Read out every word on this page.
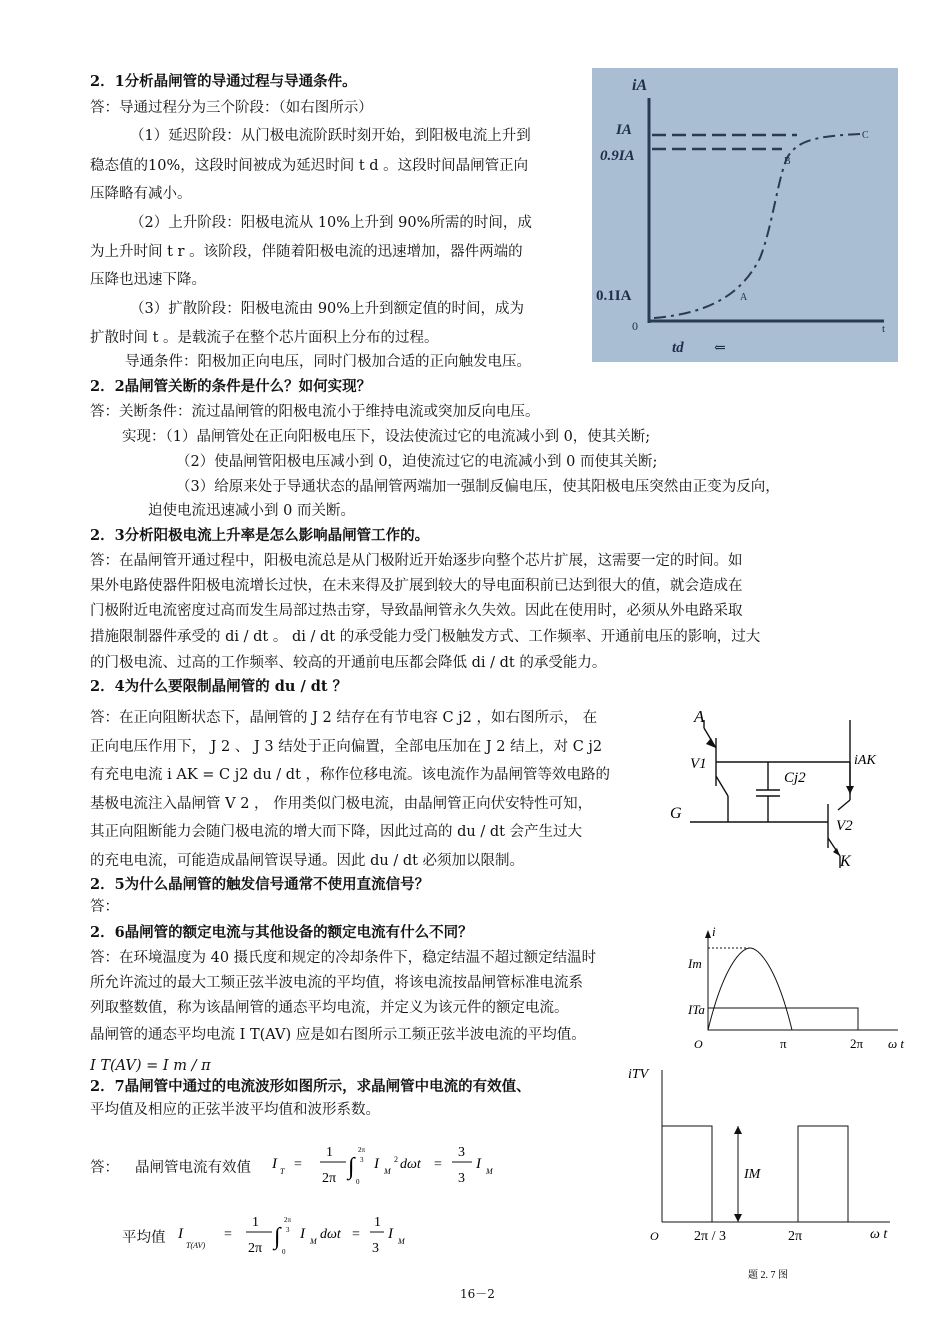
2．1分析晶闸管的导通过程与导通条件。
答：导通过程分为三个阶段：（如右图所示）
（1）延迟阶段：从门极电流阶跃时刻开始，到阳极电流上升到
稳态值的10%，这段时间被成为延迟时间 t d 。这段时间晶闸管正向
压降略有减小。
（2）上升阶段：阳极电流从 10%上升到 90%所需的时间，成
为上升时间 t r 。该阶段，伴随着阳极电流的迅速增加，器件两端的
压降也迅速下降。
（3）扩散阶段：阳极电流由 90%上升到额定值的时间，成为
扩散时间 t 。是载流子在整个芯片面积上分布的过程。
导通条件：阳极加正向电压，同时门极加合适的正向触发电压。
iA
IA
0.9IA
0.1IA
0
td
t
A
B
C
⇐
2．2晶闸管关断的条件是什么？如何实现？
答：关断条件：流过晶闸管的阳极电流小于维持电流或突加反向电压。
实现：（1）晶闸管处在正向阳极电压下，设法使流过它的电流减小到 0，使其关断;
（2）使晶闸管阳极电压减小到 0，迫使流过它的电流减小到 0 而使其关断;
（3）给原来处于导通状态的晶闸管两端加一强制反偏电压，使其阳极电压突然由正变为反向，
迫使电流迅速减小到 0 而关断。
2．3分析阳极电流上升率是怎么影响晶闸管工作的。
答：在晶闸管开通过程中，阳极电流总是从门极附近开始逐步向整个芯片扩展，这需要一定的时间。如
果外电路使器件阳极电流增长过快，在未来得及扩展到较大的导电面积前已达到很大的值，就会造成在
门极附近电流密度过高而发生局部过热击穿，导致晶闸管永久失效。因此在使用时，必须从外电路采取
措施限制器件承受的 di / dt 。 di / dt 的承受能力受门极触发方式、工作频率、开通前电压的影响，过大
的门极电流、过高的工作频率、较高的开通前电压都会降低 di / dt 的承受能力。
2．4为什么要限制晶闸管的 du / dt ？
答：在正向阻断状态下，晶闸管的 J 2 结存在有节电容 C j2 ，如右图所示， 在
正向电压作用下， J 2 、 J 3 结处于正向偏置，全部电压加在 J 2 结上，对 C j2
有充电电流 i AK = C j2 du / dt ，称作位移电流。该电流作为晶闸管等效电路的
基极电流注入晶闸管 V 2 ， 作用类似门极电流，由晶闸管正向伏安特性可知，
其正向阻断能力会随门极电流的增大而下降，因此过高的 du / dt 会产生过大
的充电电流，可能造成晶闸管误导通。因此 du / dt 必须加以限制。
A
V1
G
Cj2
iAK
V2
K
2．5为什么晶闸管的触发信号通常不使用直流信号？
答：
2．6晶闸管的额定电流与其他设备的额定电流有什么不同？
答：在环境温度为 40 摄氏度和规定的冷却条件下，稳定结温不超过额定结温时
所允许流过的最大工频正弦半波电流的平均值，将该电流按晶闸管标准电流系
列取整数值，称为该晶闸管的通态平均电流，并定义为该元件的额定电流。
晶闸管的通态平均电流 I T(AV) 应是如右图所示工频正弦半波电流的平均值。
I T(AV) = I m / π
i
Im
ITa
O	π	2π ω t
2．7晶闸管中通过的电流波形如图所示，求晶闸管中电流的有效值、
平均值及相应的正弦半波平均值和波形系数。
答： 晶闸管电流有效值 I T =
1
2π ∫
2π
3
0
I M
2 dωt =
3
3
I M
平均值 I
T(AV)
=
1
2π ∫
2π
3
0
I M dωt =
1
3
I M
iTV
IM
O	2π / 3	2π	ω t
题 2. 7 图
16－2
